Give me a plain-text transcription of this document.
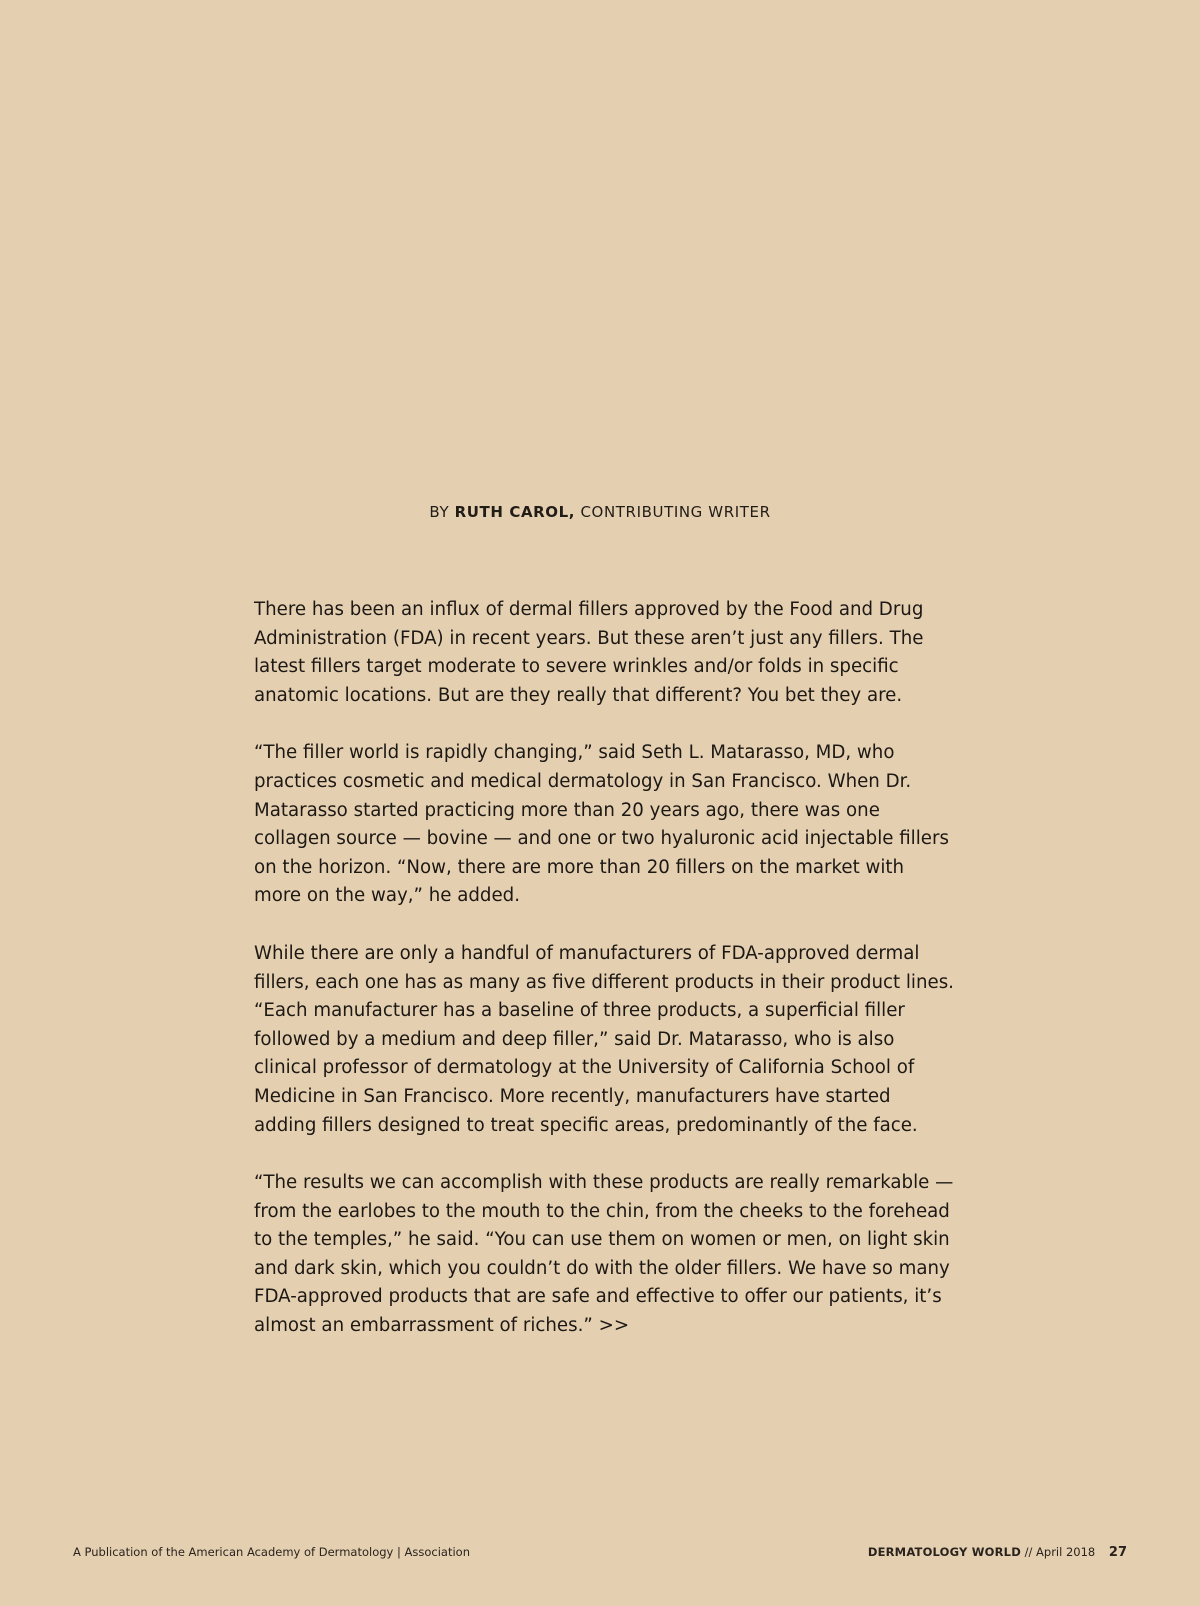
BY RUTH CAROL, CONTRIBUTING WRITER

There has been an influx of dermal fillers approved by the Food and Drug Administration (FDA) in recent years. But these aren’t just any fillers. The latest fillers target moderate to severe wrinkles and/or folds in specific anatomic locations. But are they really that different? You bet they are.

“The filler world is rapidly changing,” said Seth L. Matarasso, MD, who practices cosmetic and medical dermatology in San Francisco. When Dr. Matarasso started practicing more than 20 years ago, there was one collagen source — bovine — and one or two hyaluronic acid injectable fillers on the horizon. “Now, there are more than 20 fillers on the market with more on the way,” he added.

While there are only a handful of manufacturers of FDA-approved dermal fillers, each one has as many as five different products in their product lines. “Each manufacturer has a baseline of three products, a superficial filler followed by a medium and deep filler,” said Dr. Matarasso, who is also clinical professor of dermatology at the University of California School of Medicine in San Francisco. More recently, manufacturers have started adding fillers designed to treat specific areas, predominantly of the face.

“The results we can accomplish with these products are really remarkable — from the earlobes to the mouth to the chin, from the cheeks to the forehead to the temples,” he said. “You can use them on women or men, on light skin and dark skin, which you couldn’t do with the older fillers. We have so many FDA-approved products that are safe and effective to offer our patients, it’s almost an embarrassment of riches.” >>

A Publication of the American Academy of Dermatology | Association	DERMATOLOGY WORLD // April 2018 27
